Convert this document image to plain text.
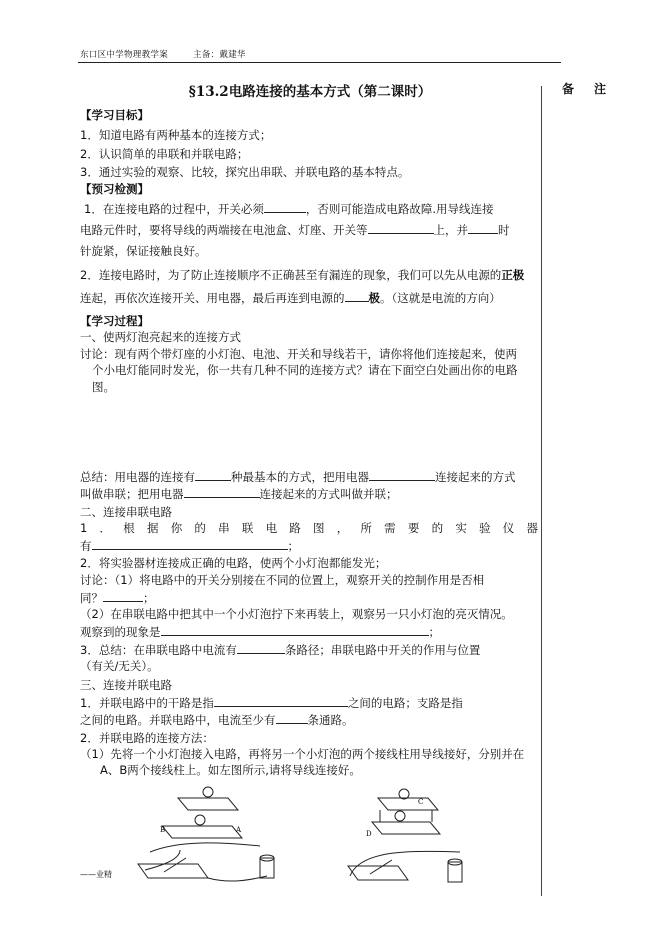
东口区中学物理教学案	主备：戴建华
备注
§13.2电路连接的基本方式（第二课时）
【学习目标】
1．知道电路有两种基本的连接方式；
2．认识简单的串联和并联电路；
3．通过实验的观察、比较，探究出串联、并联电路的基本特点。
【预习检测】
1．在连接电路的过程中，开关必须	，否则可能造成电路故障.用导线连接
电路元件时，要将导线的两端接在电池盒、灯座、开关等	上，并	时
针旋紧，保证接触良好。
2．连接电路时，为了防止连接顺序不正确甚至有漏连的现象，我们可以先从电源的正极
连起，再依次连接开关、用电器，最后再连到电源的 极。（这就是电流的方向）
【学习过程】
一、使两灯泡亮起来的连接方式
讨论：现有两个带灯座的小灯泡、电池、开关和导线若干，请你将他们连接起来，使两
个小电灯能同时发光，你一共有几种不同的连接方式？请在下面空白处画出你的电路
图。
总结：用电器的连接有	种最基本的方式，把用电器	连接起来的方式
叫做串联；把用电器	连接起来的方式叫做并联；
二、连接串联电路
1．根据你的串联电路图，所需要的实验仪器
有	；
2．将实验器材连接成正确的电路，使两个小灯泡都能发光；
讨论：（1）将电路中的开关分别接在不同的位置上，观察开关的控制作用是否相
同？	；
（2）在串联电路中把其中一个小灯泡拧下来再装上，观察另一只小灯泡的亮灭情况。
观察到的现象是	；
3．总结：在串联电路中电流有	条路径；串联电路中开关的作用与位置
（有关/无关）。
三、连接并联电路
1．并联电路中的干路是指	之间的电路；支路是指
之间的电路。并联电路中，电流至少有	条通路。
2．并联电路的连接方法：
（1）先将一个小灯泡接入电路，再将另一个小灯泡的两个接线柱用导线接好，分别并在
A、B两个接线柱上。如左图所示,请将导线连接好。
B	A	D
C
——业精
